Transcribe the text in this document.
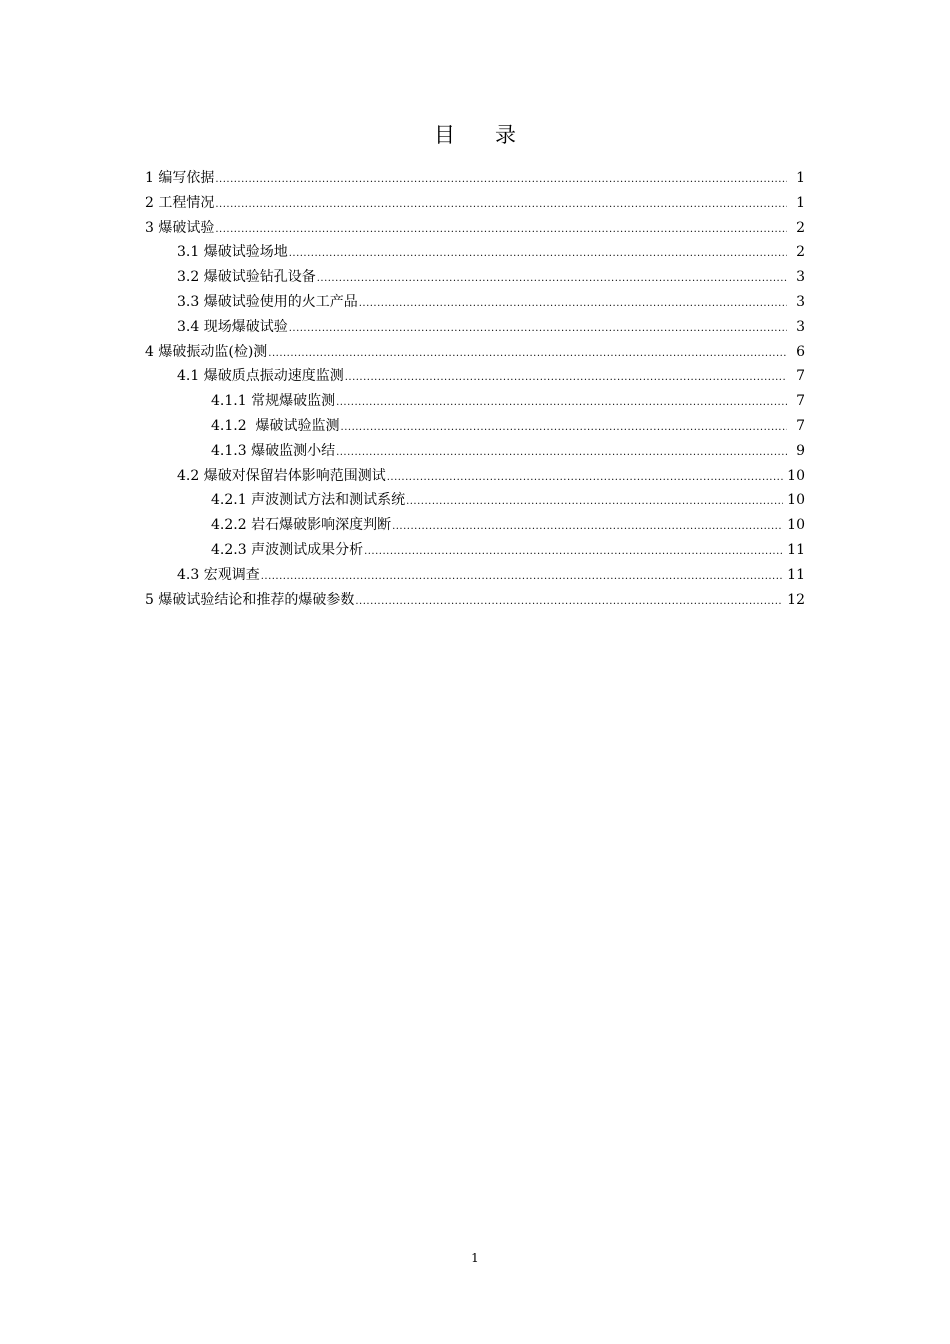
目录
1 编写依据 .....	1
2 工程情况 .....	1
3 爆破试验 .....	2
3.1 爆破试验场地 .....	2
3.2 爆破试验钻孔设备 .....	3
3.3 爆破试验使用的火工产品 .....	3
3.4 现场爆破试验 .....	3
4 爆破振动监(检)测 .....	6
4.1 爆破质点振动速度监测 .....	7
4.1.1 常规爆破监测 .....	7
4.1.2  爆破试验监测 .....	7
4.1.3 爆破监测小结 .....	9
4.2 爆破对保留岩体影响范围测试 .....	10
4.2.1 声波测试方法和测试系统 .....	10
4.2.2 岩石爆破影响深度判断 .....	10
4.2.3 声波测试成果分析 .....	11
4.3 宏观调查 .....	11
5 爆破试验结论和推荐的爆破参数 .....	12
1
